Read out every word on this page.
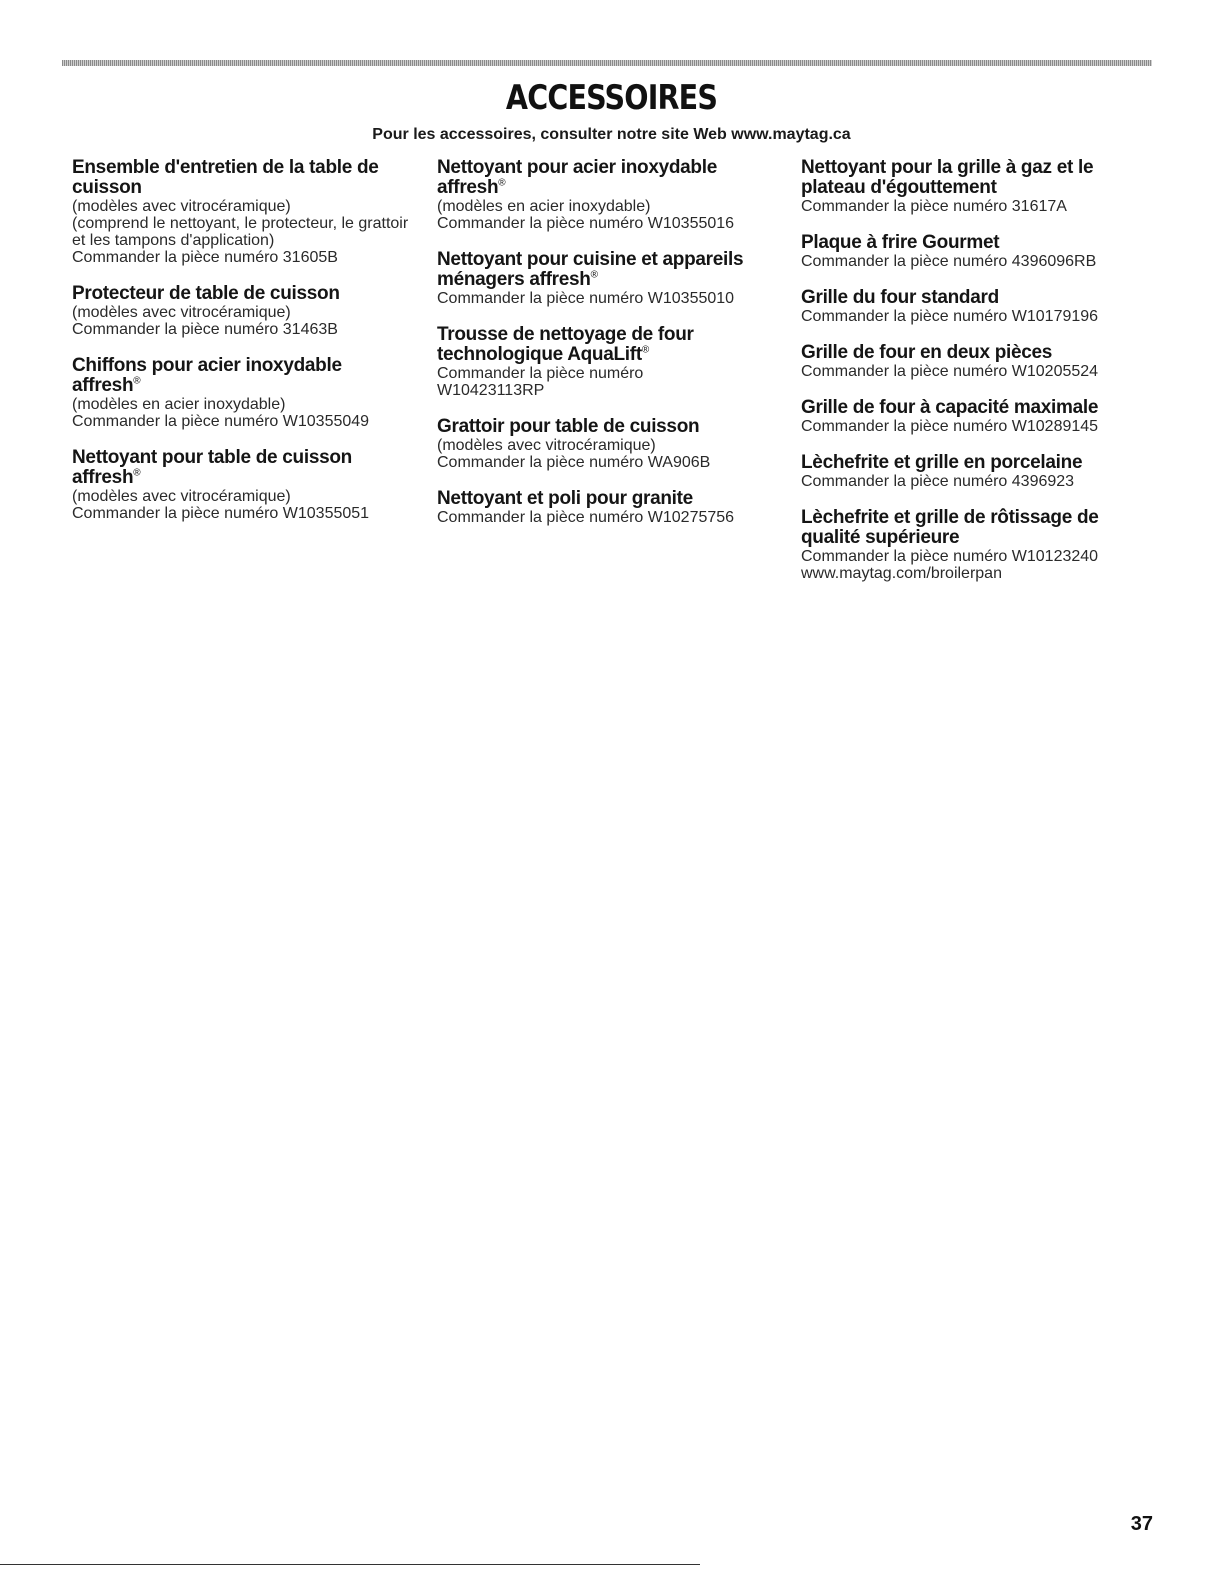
ACCESSOIRES
Pour les accessoires, consulter notre site Web www.maytag.ca
Ensemble d'entretien de la table de cuisson
(modèles avec vitrocéramique)
(comprend le nettoyant, le protecteur, le grattoir et les tampons d'application)
Commander la pièce numéro 31605B
Protecteur de table de cuisson
(modèles avec vitrocéramique)
Commander la pièce numéro 31463B
Chiffons pour acier inoxydable affresh®
(modèles en acier inoxydable)
Commander la pièce numéro W10355049
Nettoyant pour table de cuisson affresh®
(modèles avec vitrocéramique)
Commander la pièce numéro W10355051
Nettoyant pour acier inoxydable affresh®
(modèles en acier inoxydable)
Commander la pièce numéro W10355016
Nettoyant pour cuisine et appareils ménagers affresh®
Commander la pièce numéro W10355010
Trousse de nettoyage de four technologique AquaLift®
Commander la pièce numéro
W10423113RP
Grattoir pour table de cuisson
(modèles avec vitrocéramique)
Commander la pièce numéro WA906B
Nettoyant et poli pour granite
Commander la pièce numéro W10275756
Nettoyant pour la grille à gaz et le plateau d'égouttement
Commander la pièce numéro 31617A
Plaque à frire Gourmet
Commander la pièce numéro 4396096RB
Grille du four standard
Commander la pièce numéro W10179196
Grille de four en deux pièces
Commander la pièce numéro W10205524
Grille de four à capacité maximale
Commander la pièce numéro W10289145
Lèchefrite et grille en porcelaine
Commander la pièce numéro 4396923
Lèchefrite et grille de rôtissage de qualité supérieure
Commander la pièce numéro W10123240
www.maytag.com/broilerpan
37
